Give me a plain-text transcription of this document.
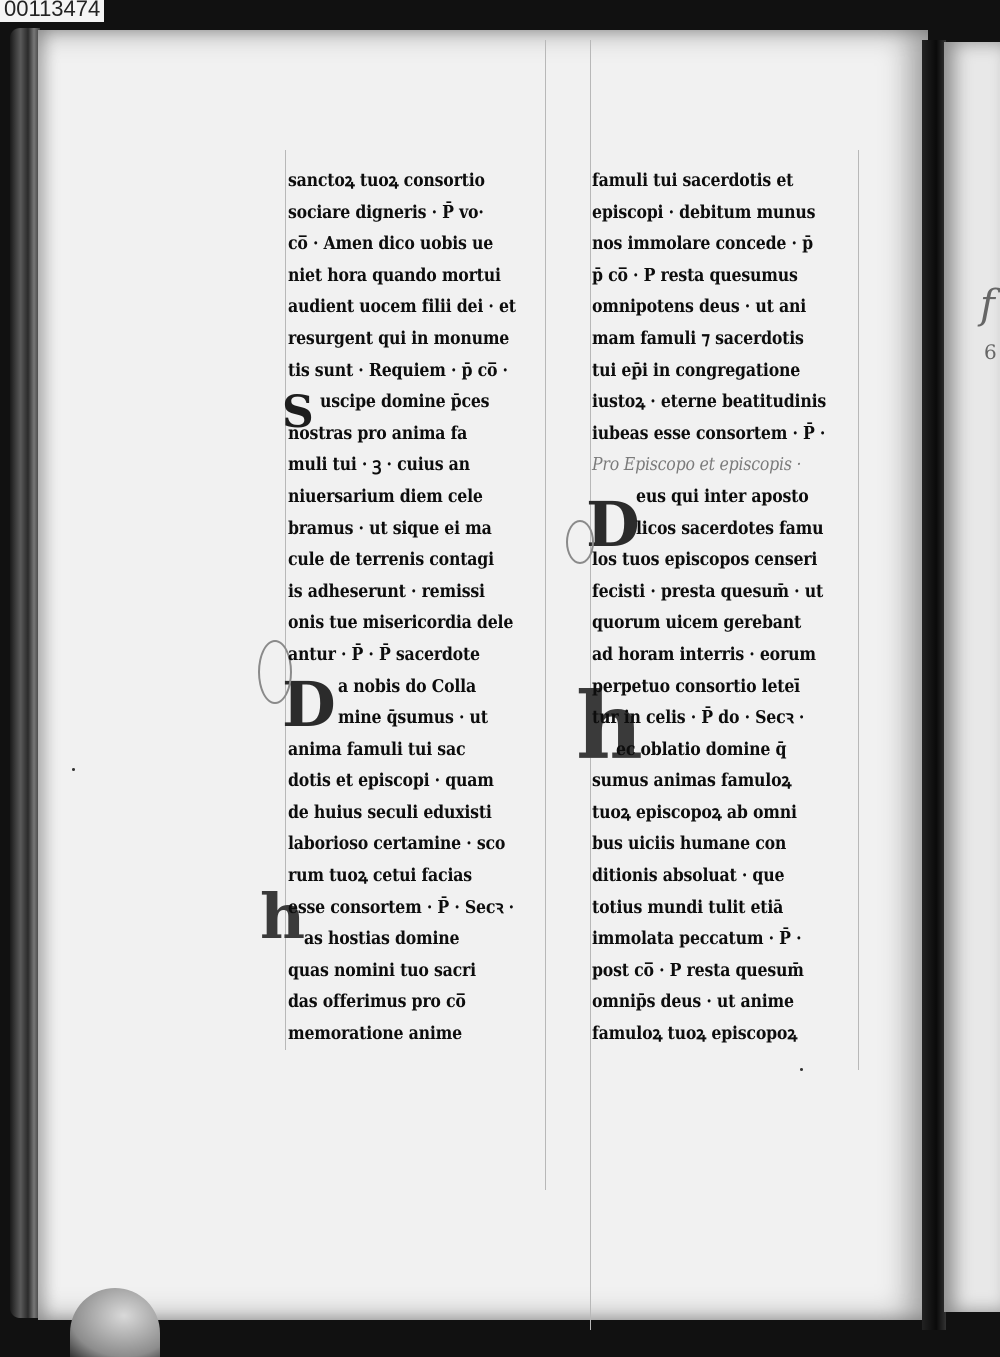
00113474
f
6
S
D
D	h
h
sanctoꝝ tuoꝝ consortio
sociare digneris · P̄ vo·
co̅ · Amen dico uobis ue
niet hora quando mortui
audient uocem filii dei · et
resurgent qui in monume
tis sunt · Requiem · p̄ co̅ ·
uscipe domine p̄ces
nostras pro anima fa
muli tui · ꝫ · cuius an
niuersarium diem cele
bramus · ut sique ei ma
cule de terrenis contagi
is adheserunt · remissi
onis tue misericordia dele
antur · P̄ · P̄ sacerdote
a nobis do Colla
mine q̄sumus · ut
anima famuli tui sac
dotis et episcopi · quam
de huius seculi eduxisti
laborioso certamine · sco
rum tuoꝝ cetui facias
esse consortem · P̄ · Secꝛ ·
as hostias domine
quas nomini tuo sacri
das offerimus pro co̅
memoratione anime
famuli tui sacerdotis et
episcopi · debitum munus
nos immolare concede · p̄
p̄ co̅ · P resta quesumus
omnipotens deus · ut ani
mam famuli ⁊ sacerdotis
tui ep̄i in congregatione
iustoꝝ · eterne beatitudinis
iubeas esse consortem · P̄ ·
Pro Episcopo et episcopis ·
eus qui inter aposto
licos sacerdotes famu
los tuos episcopos censeri
fecisti · presta quesum̄ · ut
quorum uicem gerebant
ad horam interris · eorum
perpetuo consortio leteī
tur in celis · P̄ do · Secꝛ ·
ec oblatio domine q̄
sumus animas famuloꝝ
tuoꝝ episcopoꝝ ab omni
bus uiciis humane con
ditionis absoluat · que
totius mundi tulit etiā
immolata peccatum · P̄ ·
post co̅ · P resta quesum̄
omnip̄s deus · ut anime
famuloꝝ tuoꝝ episcopoꝝ
